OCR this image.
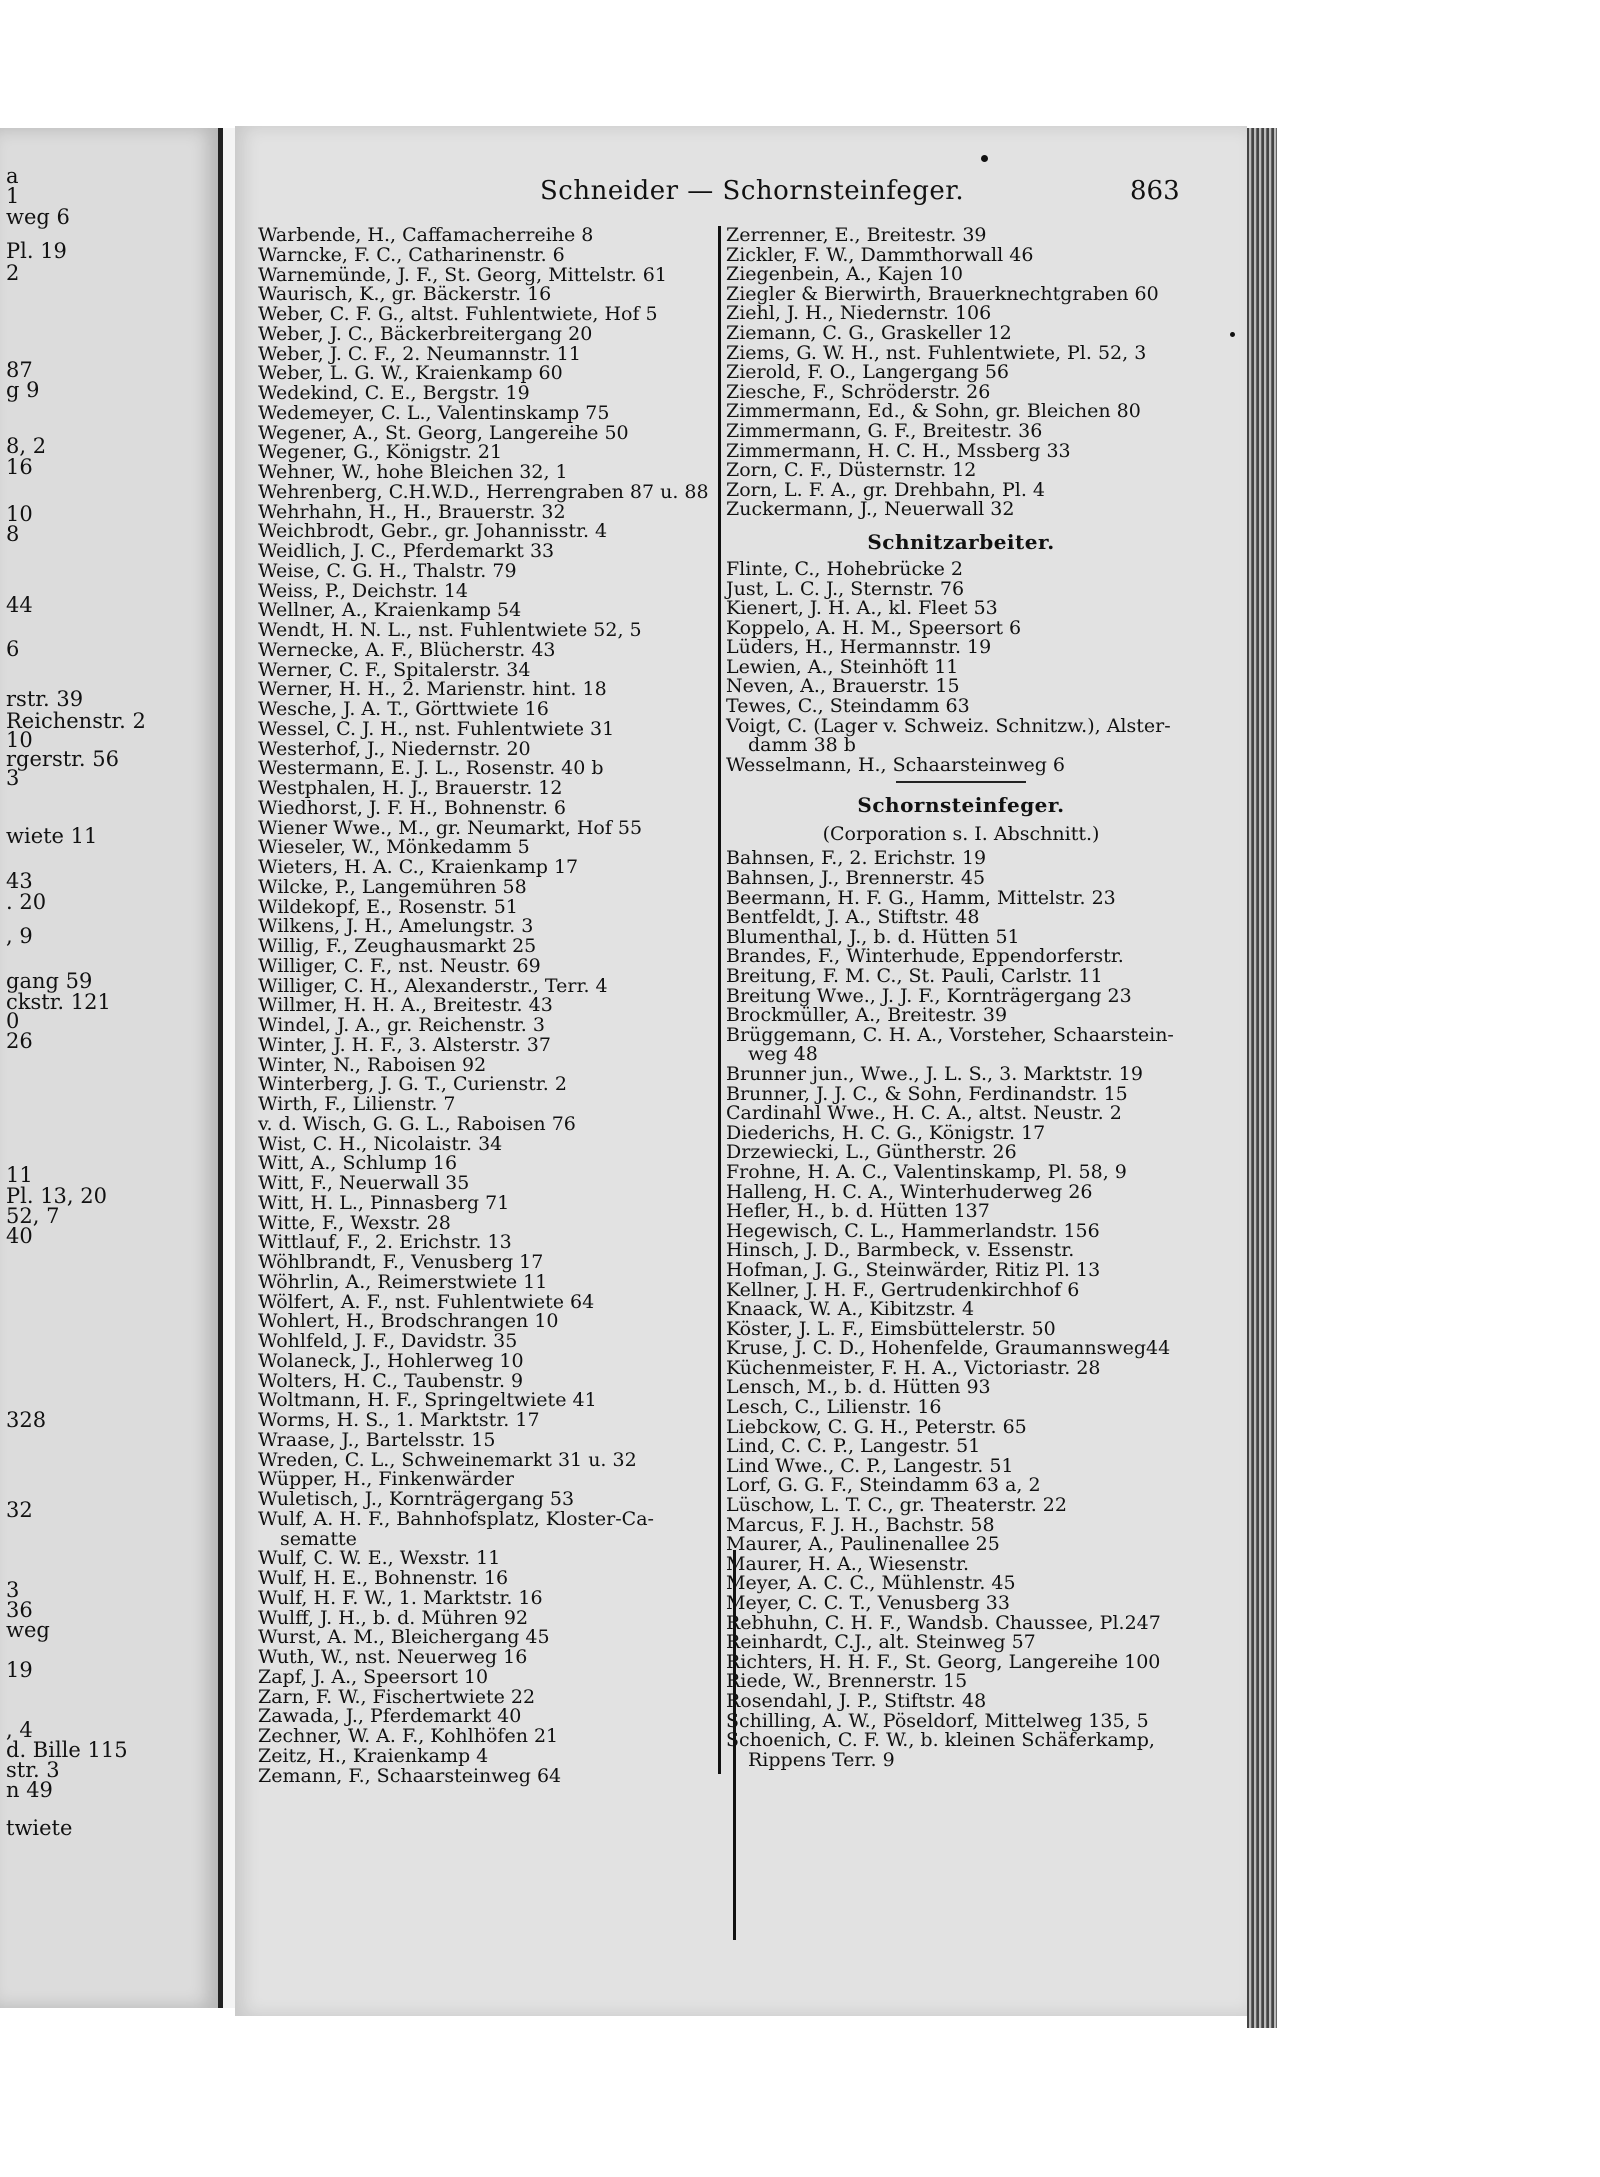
a
1
weg 6
Pl. 19
2
87
g 9
8, 2
16
10
8
44
6
rstr. 39
Reichenstr. 2
10
rgerstr. 56
3
wiete 11
43
. 20
, 9
gang 59
ckstr. 121
0
26
11
Pl. 13, 20
52, 7
40
328
32
3
36
weg
19
, 4
d. Bille 115
str. 3
n 49
twiete
Schneider — Schornsteinfeger.	863
Warbende, H., Caffamacherreihe 8
Warncke, F. C., Catharinenstr. 6
Warnemünde, J. F., St. Georg, Mittelstr. 61
Waurisch, K., gr. Bäckerstr. 16
Weber, C. F. G., altst. Fuhlentwiete, Hof 5
Weber, J. C., Bäckerbreitergang 20
Weber, J. C. F., 2. Neumannstr. 11
Weber, L. G. W., Kraienkamp 60
Wedekind, C. E., Bergstr. 19
Wedemeyer, C. L., Valentinskamp 75
Wegener, A., St. Georg, Langereihe 50
Wegener, G., Königstr. 21
Wehner, W., hohe Bleichen 32, 1
Wehrenberg, C.H.W.D., Herrengraben 87 u. 88
Wehrhahn, H., H., Brauerstr. 32
Weichbrodt, Gebr., gr. Johannisstr. 4
Weidlich, J. C., Pferdemarkt 33
Weise, C. G. H., Thalstr. 79
Weiss, P., Deichstr. 14
Wellner, A., Kraienkamp 54
Wendt, H. N. L., nst. Fuhlentwiete 52, 5
Wernecke, A. F., Blücherstr. 43
Werner, C. F., Spitalerstr. 34
Werner, H. H., 2. Marienstr. hint. 18
Wesche, J. A. T., Görttwiete 16
Wessel, C. J. H., nst. Fuhlentwiete 31
Westerhof, J., Niedernstr. 20
Westermann, E. J. L., Rosenstr. 40 b
Westphalen, H. J., Brauerstr. 12
Wiedhorst, J. F. H., Bohnenstr. 6
Wiener Wwe., M., gr. Neumarkt, Hof 55
Wieseler, W., Mönkedamm 5
Wieters, H. A. C., Kraienkamp 17
Wilcke, P., Langemühren 58
Wildekopf, E., Rosenstr. 51
Wilkens, J. H., Amelungstr. 3
Willig, F., Zeughausmarkt 25
Williger, C. F., nst. Neustr. 69
Williger, C. H., Alexanderstr., Terr. 4
Willmer, H. H. A., Breitestr. 43
Windel, J. A., gr. Reichenstr. 3
Winter, J. H. F., 3. Alsterstr. 37
Winter, N., Raboisen 92
Winterberg, J. G. T., Curienstr. 2
Wirth, F., Lilienstr. 7
v. d. Wisch, G. G. L., Raboisen 76
Wist, C. H., Nicolaistr. 34
Witt, A., Schlump 16
Witt, F., Neuerwall 35
Witt, H. L., Pinnasberg 71
Witte, F., Wexstr. 28
Wittlauf, F., 2. Erichstr. 13
Wöhlbrandt, F., Venusberg 17
Wöhrlin, A., Reimerstwiete 11
Wölfert, A. F., nst. Fuhlentwiete 64
Wohlert, H., Brodschrangen 10
Wohlfeld, J. F., Davidstr. 35
Wolaneck, J., Hohlerweg 10
Wolters, H. C., Taubenstr. 9
Woltmann, H. F., Springeltwiete 41
Worms, H. S., 1. Marktstr. 17
Wraase, J., Bartelsstr. 15
Wreden, C. L., Schweinemarkt 31 u. 32
Wüpper, H., Finkenwärder
Wuletisch, J., Kornträgergang 53
Wulf, A. H. F., Bahnhofsplatz, Kloster-Ca-
sematte
Wulf, C. W. E., Wexstr. 11
Wulf, H. E., Bohnenstr. 16
Wulf, H. F. W., 1. Marktstr. 16
Wulff, J. H., b. d. Mühren 92
Wurst, A. M., Bleichergang 45
Wuth, W., nst. Neuerweg 16
Zapf, J. A., Speersort 10
Zarn, F. W., Fischertwiete 22
Zawada, J., Pferdemarkt 40
Zechner, W. A. F., Kohlhöfen 21
Zeitz, H., Kraienkamp 4
Zemann, F., Schaarsteinweg 64
Zerrenner, E., Breitestr. 39
Zickler, F. W., Dammthorwall 46
Ziegenbein, A., Kajen 10
Ziegler & Bierwirth, Brauerknechtgraben 60
Ziehl, J. H., Niedernstr. 106
Ziemann, C. G., Graskeller 12
Ziems, G. W. H., nst. Fuhlentwiete, Pl. 52, 3
Zierold, F. O., Langergang 56
Ziesche, F., Schröderstr. 26
Zimmermann, Ed., & Sohn, gr. Bleichen 80
Zimmermann, G. F., Breitestr. 36
Zimmermann, H. C. H., Mssberg 33
Zorn, C. F., Düsternstr. 12
Zorn, L. F. A., gr. Drehbahn, Pl. 4
Zuckermann, J., Neuerwall 32
Schnitzarbeiter.
Flinte, C., Hohebrücke 2
Just, L. C. J., Sternstr. 76
Kienert, J. H. A., kl. Fleet 53
Koppelo, A. H. M., Speersort 6
Lüders, H., Hermannstr. 19
Lewien, A., Steinhöft 11
Neven, A., Brauerstr. 15
Tewes, C., Steindamm 63
Voigt, C. (Lager v. Schweiz. Schnitzw.), Alster-
damm 38 b
Wesselmann, H., Schaarsteinweg 6
Schornsteinfeger.
(Corporation s. I. Abschnitt.)
Bahnsen, F., 2. Erichstr. 19
Bahnsen, J., Brennerstr. 45
Beermann, H. F. G., Hamm, Mittelstr. 23
Bentfeldt, J. A., Stiftstr. 48
Blumenthal, J., b. d. Hütten 51
Brandes, F., Winterhude, Eppendorferstr.
Breitung, F. M. C., St. Pauli, Carlstr. 11
Breitung Wwe., J. J. F., Kornträgergang 23
Brockmüller, A., Breitestr. 39
Brüggemann, C. H. A., Vorsteher, Schaarstein-
weg 48
Brunner jun., Wwe., J. L. S., 3. Marktstr. 19
Brunner, J. J. C., & Sohn, Ferdinandstr. 15
Cardinahl Wwe., H. C. A., altst. Neustr. 2
Diederichs, H. C. G., Königstr. 17
Drzewiecki, L., Güntherstr. 26
Frohne, H. A. C., Valentinskamp, Pl. 58, 9
Halleng, H. C. A., Winterhuderweg 26
Hefler, H., b. d. Hütten 137
Hegewisch, C. L., Hammerlandstr. 156
Hinsch, J. D., Barmbeck, v. Essenstr.
Hofman, J. G., Steinwärder, Ritiz Pl. 13
Kellner, J. H. F., Gertrudenkirchhof 6
Knaack, W. A., Kibitzstr. 4
Köster, J. L. F., Eimsbüttelerstr. 50
Kruse, J. C. D., Hohenfelde, Graumannsweg44
Küchenmeister, F. H. A., Victoriastr. 28
Lensch, M., b. d. Hütten 93
Lesch, C., Lilienstr. 16
Liebckow, C. G. H., Peterstr. 65
Lind, C. C. P., Langestr. 51
Lind Wwe., C. P., Langestr. 51
Lorf, G. G. F., Steindamm 63 a, 2
Lüschow, L. T. C., gr. Theaterstr. 22
Marcus, F. J. H., Bachstr. 58
Maurer, A., Paulinenallee 25
Maurer, H. A., Wiesenstr.
Meyer, A. C. C., Mühlenstr. 45
Meyer, C. C. T., Venusberg 33
Rebhuhn, C. H. F., Wandsb. Chaussee, Pl.247
Reinhardt, C.J., alt. Steinweg 57
Richters, H. H. F., St. Georg, Langereihe 100
Riede, W., Brennerstr. 15
Rosendahl, J. P., Stiftstr. 48
Schilling, A. W., Pöseldorf, Mittelweg 135, 5
Schoenich, C. F. W., b. kleinen Schäferkamp,
Rippens Terr. 9
